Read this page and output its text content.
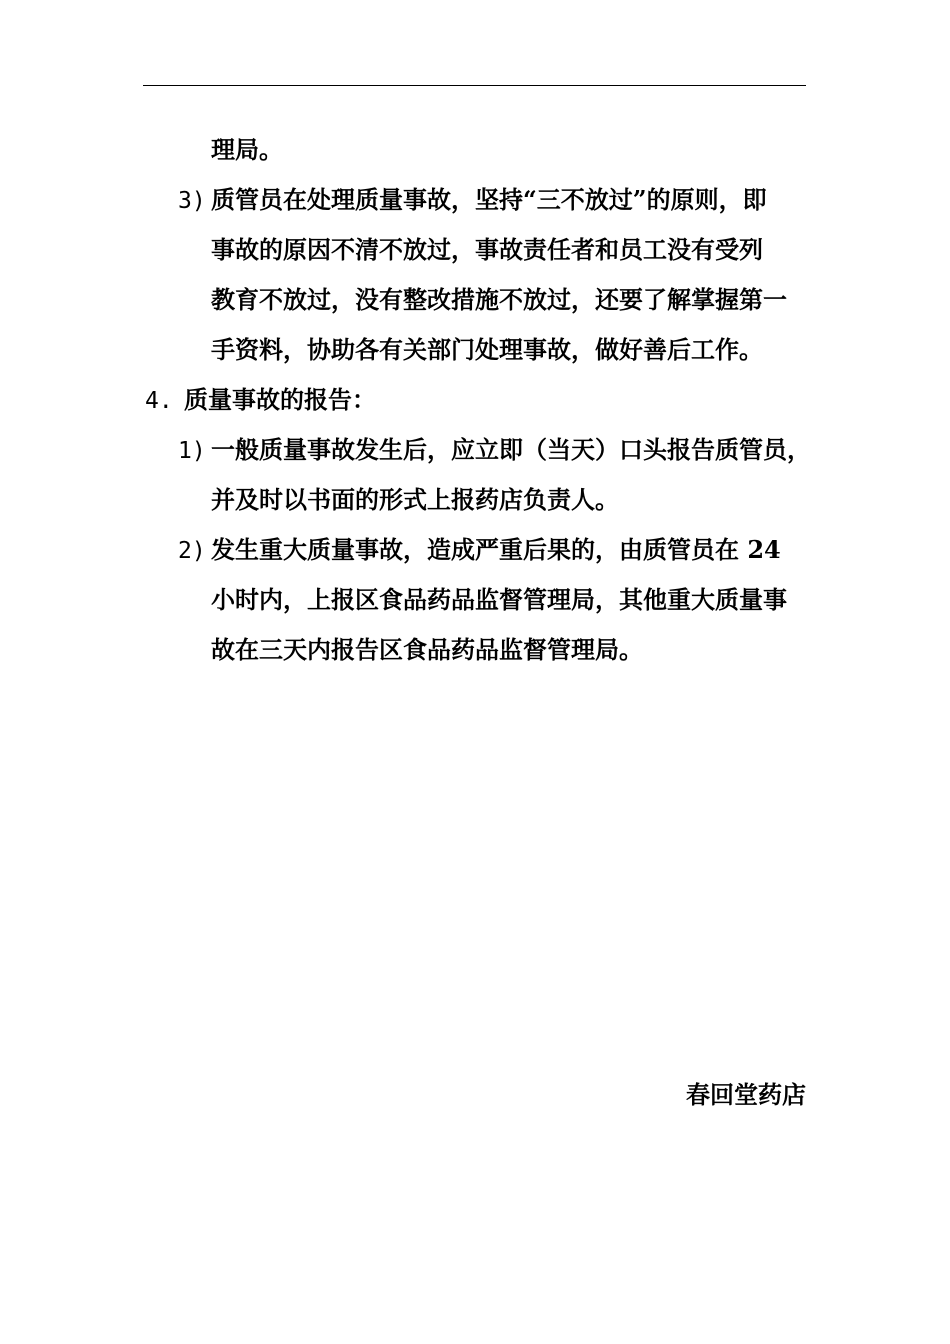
理局。
3) 质管员在处理质量事故，坚持“三不放过”的原则，即
事故的原因不清不放过，事故责任者和员工没有受列
教育不放过，没有整改措施不放过，还要了解掌握第一
手资料，协助各有关部门处理事故，做好善后工作。
4. 质量事故的报告：
1) 一般质量事故发生后，应立即（当天）口头报告质管员，
并及时以书面的形式上报药店负责人。
2) 发生重大质量事故，造成严重后果的，由质管员在 24
小时内，上报区食品药品监督管理局，其他重大质量事
故在三天内报告区食品药品监督管理局。
春回堂药店
